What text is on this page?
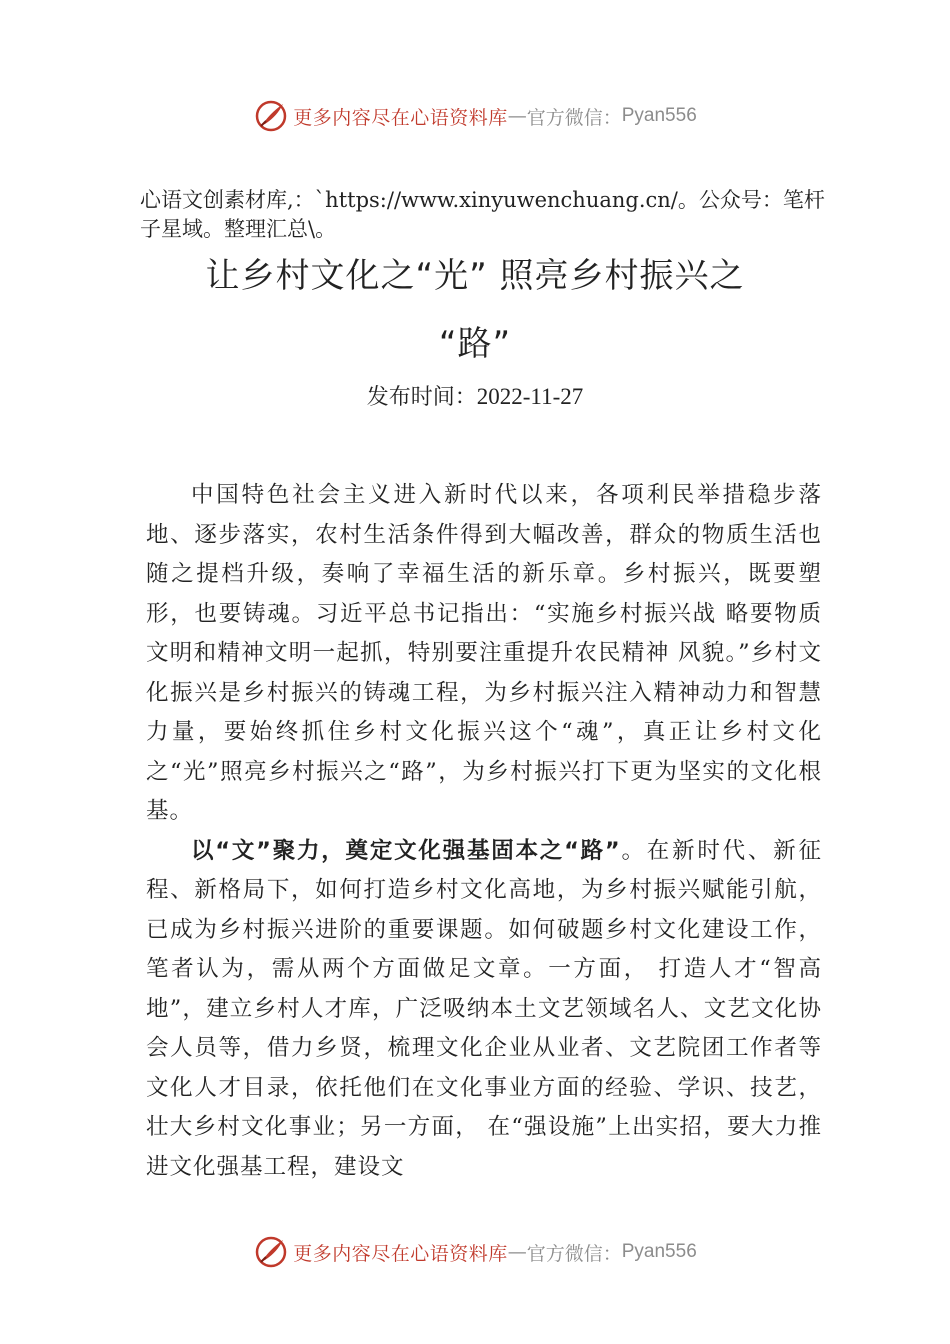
更多内容尽在心语资料库 — 官方微信： Pyan556
心语文创素材库,：`https://www.xinyuwenchuang.cn/。公众号：笔杆子星域。整理汇总\。
让乡村文化之“光” 照亮乡村振兴之
“路”
发布时间：2022-11-27

中国特色社会主义进入新时代以来，各项利民举措稳步落地、逐步落实，农村生活条件得到大幅改善，群众的物质生活也随之提档升级，奏响了幸福生活的新乐章。乡村振兴，既要塑形，也要铸魂。习近平总书记指出：“实施乡村振兴战 略要物质文明和精神文明一起抓，特别要注重提升农民精神 风貌。”乡村文化振兴是乡村振兴的铸魂工程，为乡村振兴注入精神动力和智慧力量，要始终抓住乡村文化振兴这个“魂”，真正让乡村文化之“光”照亮乡村振兴之“路”，为乡村振兴打下更为坚实的文化根基。

以“文”聚力，奠定文化强基固本之“路”。在新时代、新征程、新格局下，如何打造乡村文化高地，为乡村振兴赋能引航，已成为乡村振兴进阶的重要课题。如何破题乡村文化建设工作，笔者认为，需从两个方面做足文章。一方面， 打造人才“智高地”，建立乡村人才库，广泛吸纳本土文艺领域名人、文艺文化协会人员等，借力乡贤，梳理文化企业从业者、文艺院团工作者等文化人才目录，依托他们在文化事业方面的经验、学识、技艺，壮大乡村文化事业；另一方面， 在“强设施”上出实招，要大力推进文化强基工程，建设文

更多内容尽在心语资料库 — 官方微信： Pyan556
